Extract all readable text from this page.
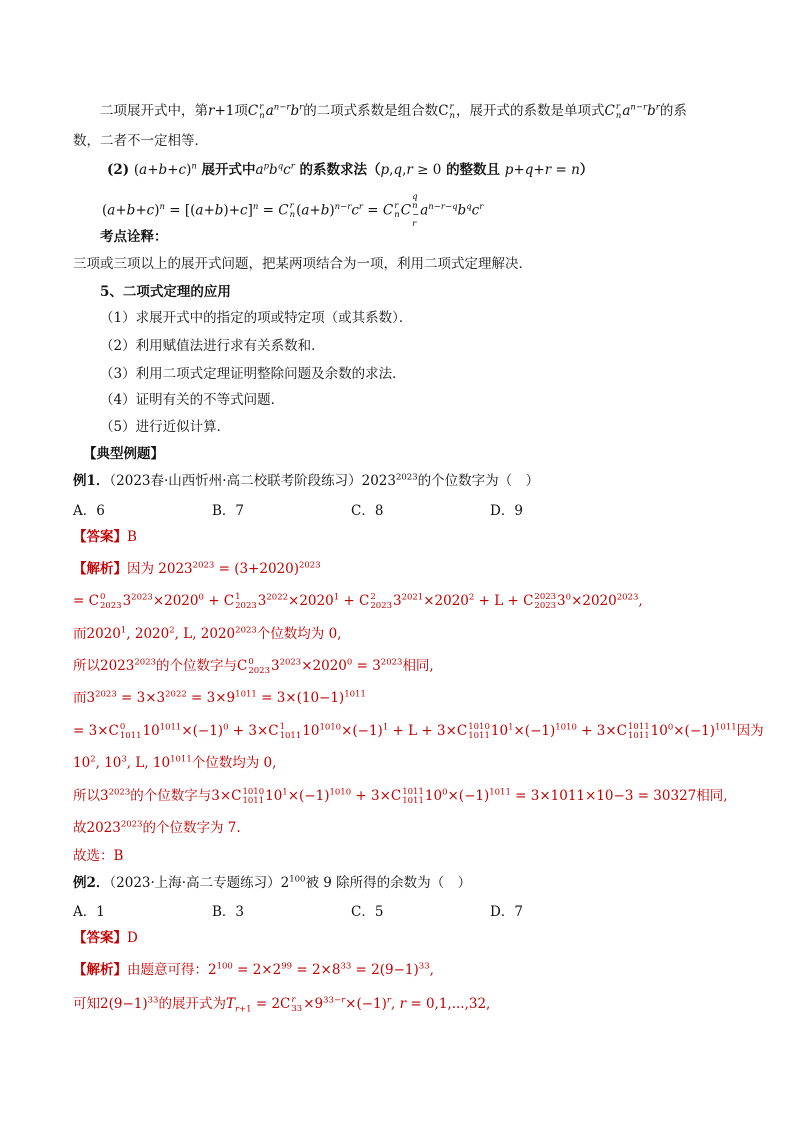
二项展开式中，第r+1项C r
n $a^{n-r}b^r$的二项式系数是组合数C r
n ，展开式的系数是单项式C r
n $a^{n-r}b^r$的系
数，二者不一定相等．
(2) $(a+b+c)^n$ 展开式中$a^pb^qc^r$ 的系数求法（p,q,r ≥ 0 的整数且 p+q+r = n）
$(a+b+c)^n = [(a+b)+c]^n = C$ r
n $(a+b)^{n-r}c^r = C$ r
n C
q
n
−
r
$a^{n-r-q}b^qc^r$
考点诠释：
三项或三项以上的展开式问题，把某两项结合为一项，利用二项式定理解决．
5、二项式定理的应用
（1）求展开式中的指定的项或特定项（或其系数）．
（2）利用赋值法进行求有关系数和．
（3）利用二项式定理证明整除问题及余数的求法．
（4）证明有关的不等式问题．
（5）进行近似计算．
【典型例题】
例1．（2023春·山西忻州·高二校联考阶段练习）$2023^{2023}$的个位数字为（　）
A．6	B．7	C．8	D．9
【答案】B
【解析】因为 $2023^{2023} = (3+2020)^{2023}$
= C 0
2023 $3^{2023}\times 2020^0 + C$ 1
2023 $3^{2022}\times 2020^1 + C$ 2
2023 $3^{2021}\times 2020^2 + L + C$ 2023
2023 $3^0\times 2020^{2023}$,
而2020$^1$, 2020$^2$, L, $2020^{2023}$个位数均为 0,
所以$2023^{2023}$的个位数字与C 0
2023 $3^{2023}\times 2020^0 = 3^{2023}$相同,
而$3^{2023} = 3\times 3^{2022} = 3\times 9^{1011} = 3\times(10-1)^{1011}$
= 3×C 0
1011 $10^{1011}\times(-1)^0 + 3\times C$ 1
1011 $10^{1010}\times(-1)^1 + L + 3\times C$ 1010
1011 $10^1\times(-1)^{1010} + 3\times C$ 1011
1011 $10^0\times(-1)^{1011}$因为
$10^2$, $10^3$, L, $10^{1011}$个位数均为 0,
所以$3^{2023}$的个位数字与3×C 1010
1011 $10^1\times(-1)^{1010} + 3\times C$ 1011
1011 $10^0\times(-1)^{1011} = 3\times 1011\times 10-3 = 30327$相同,
故$2023^{2023}$的个位数字为 7.
故选：B
例2．（2023·上海·高二专题练习）$2^{100}$被 9 除所得的余数为（　）
A．1	B．3	C．5	D．7
【答案】D
【解析】由题意可得：$2^{100} = 2\times 2^{99} = 2\times 8^{33} = 2(9-1)^{33}$,
可知$2(9-1)^{33}$的展开式为$T_{r+1} = 2C$ r
$33 \times 9^{33-r}\times(-1)^r$, r = 0,1,...,32,
